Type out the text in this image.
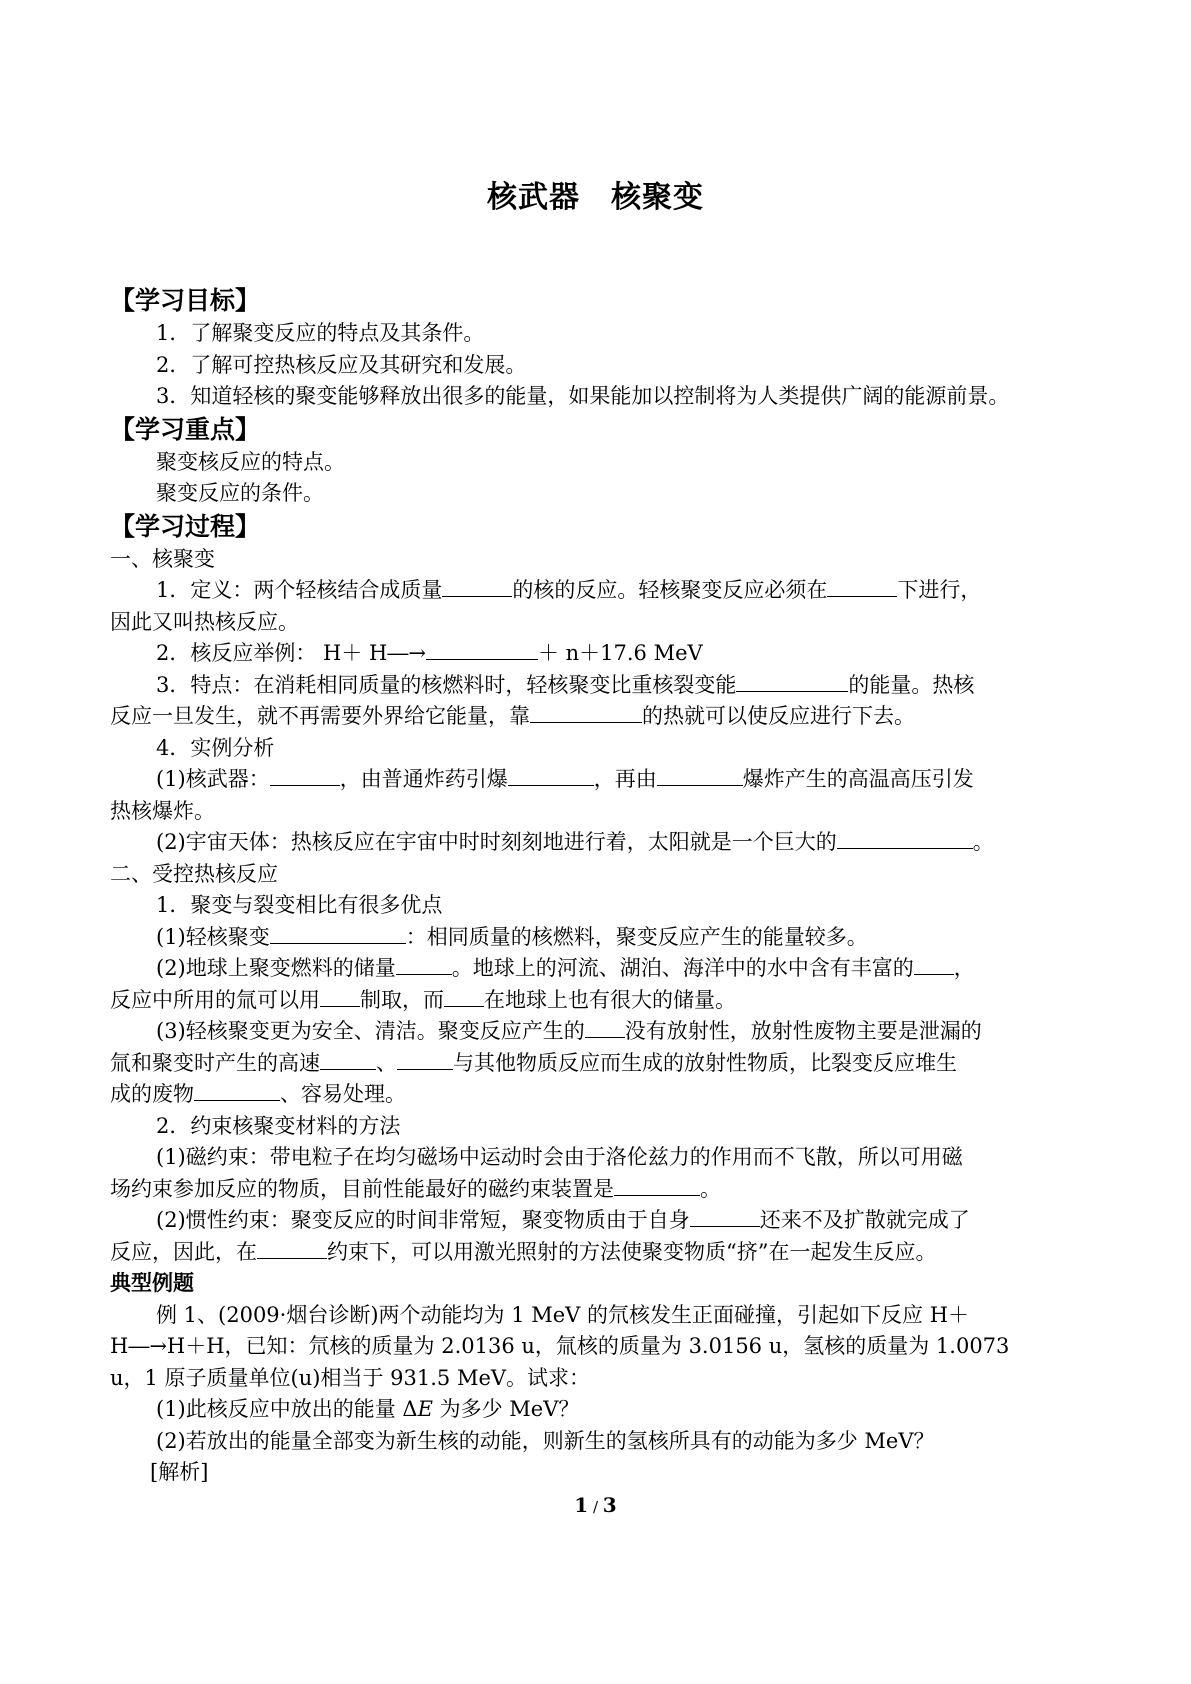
核武器　核聚变
【学习目标】
1．了解聚变反应的特点及其条件。
2．了解可控热核反应及其研究和发展。
3．知道轻核的聚变能够释放出很多的能量，如果能加以控制将为人类提供广阔的能源前景。
【学习重点】
聚变核反应的特点。
聚变反应的条件。
【学习过程】
一、核聚变
1．定义：两个轻核结合成质量	的核的反应。轻核聚变反应必须在	下进行，
因此又叫热核反应。
2．核反应举例： H＋ H―→	＋ n＋17.6 MeV
3．特点：在消耗相同质量的核燃料时，轻核聚变比重核裂变能	的能量。热核
反应一旦发生，就不再需要外界给它能量，靠	的热就可以使反应进行下去。
4．实例分析
(1)核武器：	，由普通炸药引爆	，再由	爆炸产生的高温高压引发
热核爆炸。
(2)宇宙天体：热核反应在宇宙中时时刻刻地进行着，太阳就是一个巨大的	。
二、受控热核反应
1．聚变与裂变相比有很多优点
(1)轻核聚变	：相同质量的核燃料，聚变反应产生的能量较多。
(2)地球上聚变燃料的储量	。地球上的河流、湖泊、海洋中的水中含有丰富的 ，
反应中所用的氚可以用 制取，而 在地球上也有很大的储量。
(3)轻核聚变更为安全、清洁。聚变反应产生的 没有放射性，放射性废物主要是泄漏的
氚和聚变时产生的高速	、	与其他物质反应而生成的放射性物质，比裂变反应堆生
成的废物	、容易处理。
2．约束核聚变材料的方法
(1)磁约束：带电粒子在均匀磁场中运动时会由于洛伦兹力的作用而不飞散，所以可用磁
场约束参加反应的物质，目前性能最好的磁约束装置是	。
(2)惯性约束：聚变反应的时间非常短，聚变物质由于自身	还来不及扩散就完成了
反应，因此，在	约束下，可以用激光照射的方法使聚变物质“挤”在一起发生反应。
典型例题
例 1、(2009·烟台诊断)两个动能均为 1 MeV 的氘核发生正面碰撞，引起如下反应 H＋
H―→H＋H，已知：氘核的质量为 2.0136 u，氚核的质量为 3.0156 u，氢核的质量为 1.0073
u，1 原子质量单位(u)相当于 931.5 MeV。试求：
(1)此核反应中放出的能量 ΔE 为多少 MeV？
(2)若放出的能量全部变为新生核的动能，则新生的氢核所具有的动能为多少 MeV？
[解析]
1 / 3
